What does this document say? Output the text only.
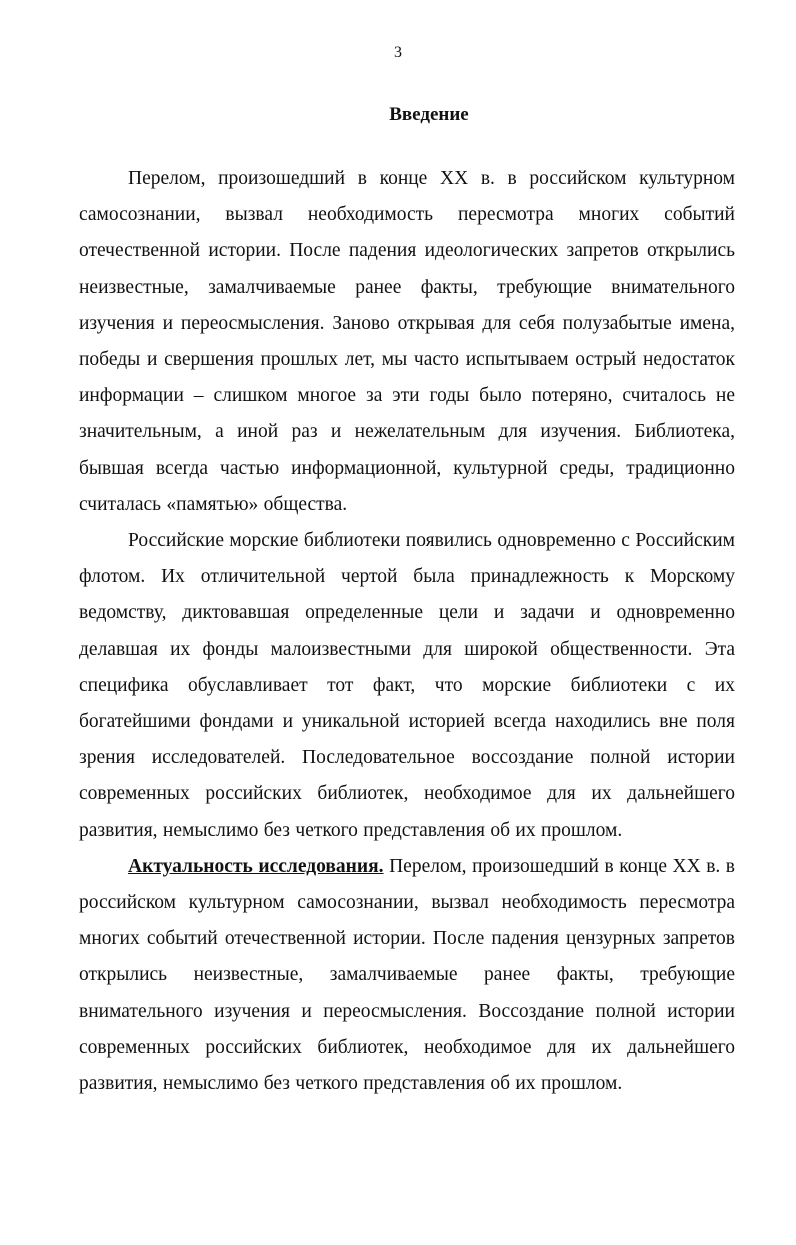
3
Введение

Перелом, произошедший в конце XX в. в российском культурном самосознании, вызвал необходимость пересмотра многих событий отечественной истории. После падения идеологических запретов открылись неизвестные, замалчиваемые ранее факты, требующие внимательного изучения и переосмысления. Заново открывая для себя полузабытые имена, победы и свершения прошлых лет, мы часто испытываем острый недостаток информации – слишком многое за эти годы было потеряно, считалось не значительным, а иной раз и нежелательным для изучения. Библиотека, бывшая всегда частью информационной, культурной среды, традиционно считалась «памятью» общества.

Российские морские библиотеки появились одновременно с Российским флотом. Их отличительной чертой была принадлежность к Морскому ведомству, диктовавшая определенные цели и задачи и одновременно делавшая их фонды малоизвестными для широкой общественности. Эта специфика обуславливает тот факт, что морские библиотеки с их богатейшими фондами и уникальной историей всегда находились вне поля зрения исследователей. Последовательное воссоздание полной истории современных российских библиотек, необходимое для их дальнейшего развития, немыслимо без четкого представления об их прошлом.

Актуальность исследования. Перелом, произошедший в конце XX в. в российском культурном самосознании, вызвал необходимость пересмотра многих событий отечественной истории. После падения цензурных запретов открылись неизвестные, замалчиваемые ранее факты, требующие внимательного изучения и переосмысления. Воссоздание полной истории современных российских библиотек, необходимое для их дальнейшего развития, немыслимо без четкого представления об их прошлом.
